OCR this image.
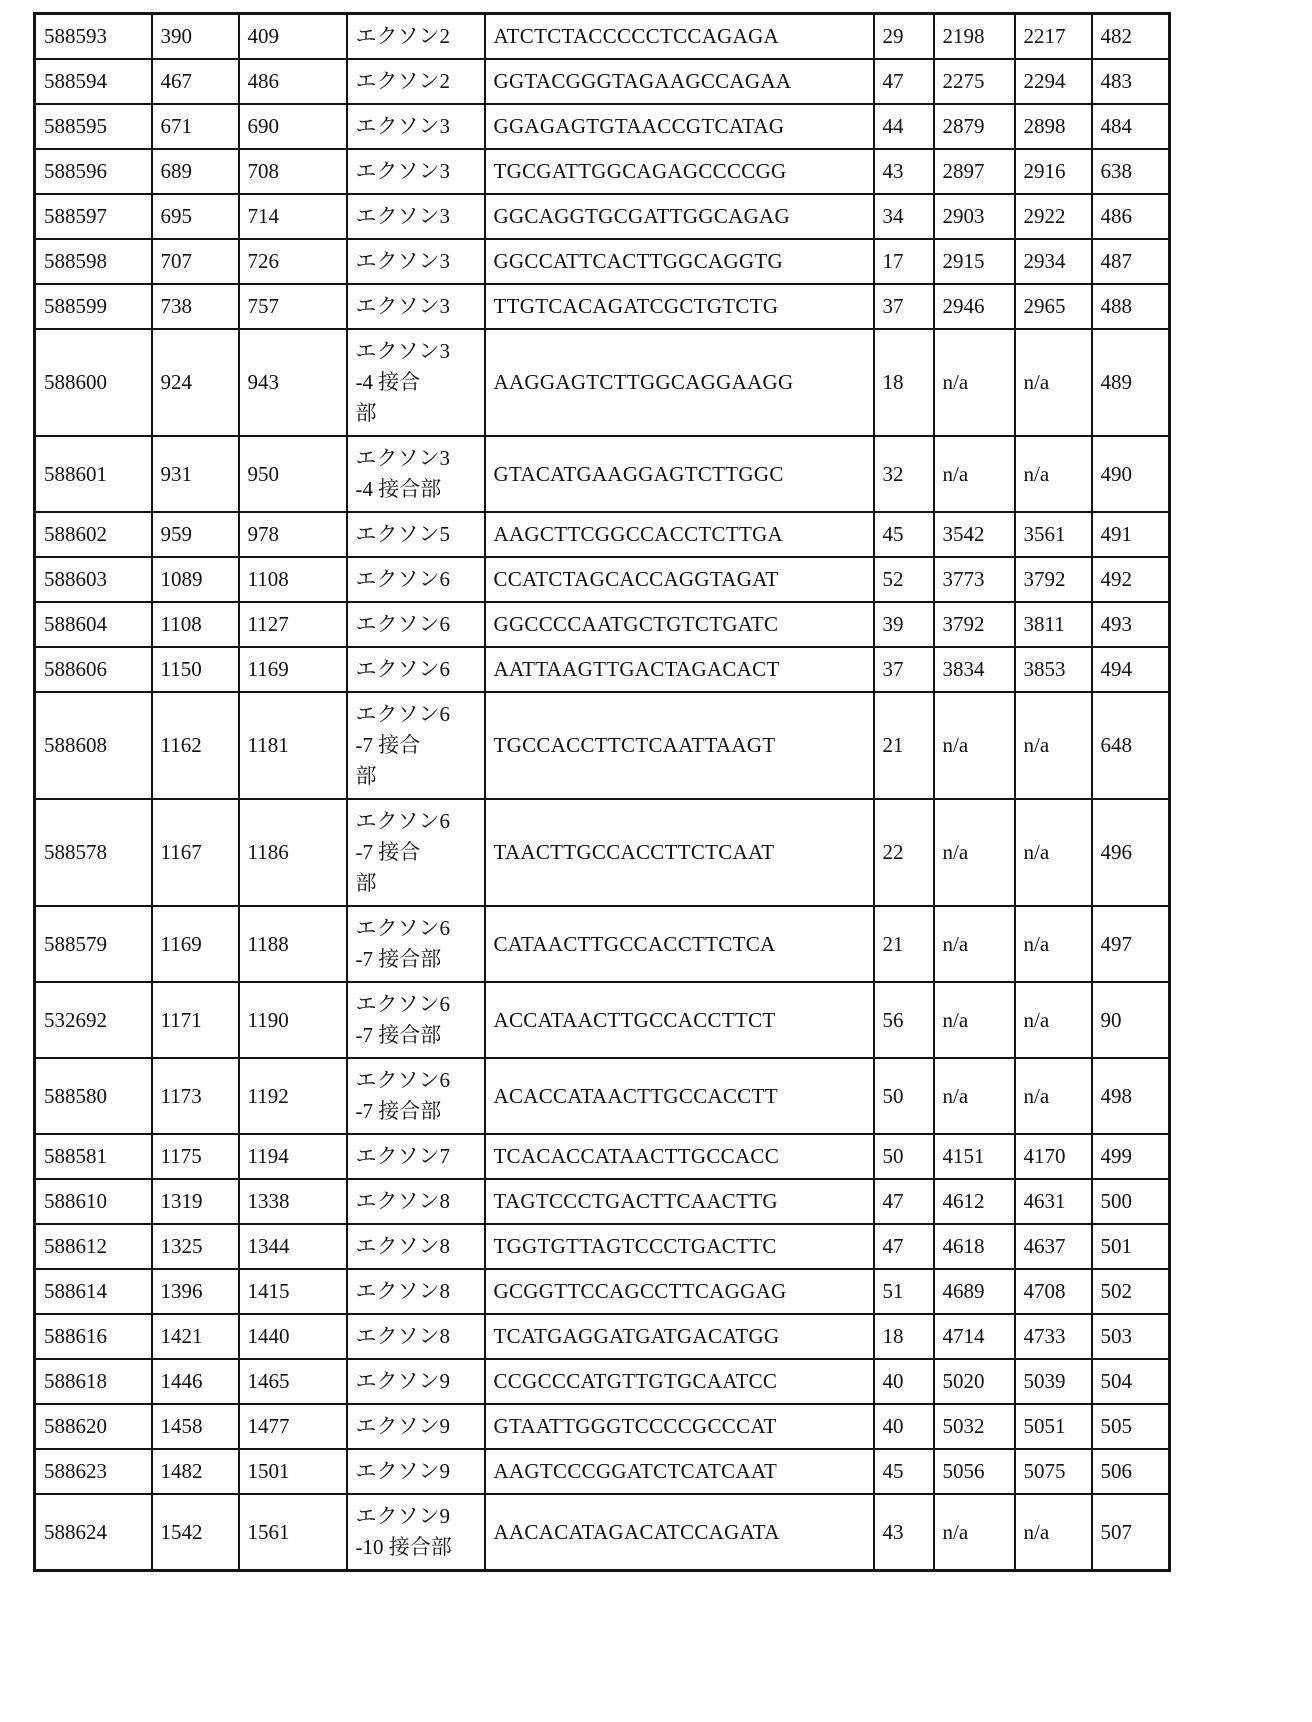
588593	390	409	エクソン2	ATCTCTACCCCCTCCAGAGA	29	2198	2217	482
588594	467	486	エクソン2	GGTACGGGTAGAAGCCAGAA	47	2275	2294	483
588595	671	690	エクソン3	GGAGAGTGTAACCGTCATAG	44	2879	2898	484
588596	689	708	エクソン3	TGCGATTGGCAGAGCCCCGG	43	2897	2916	638
588597	695	714	エクソン3	GGCAGGTGCGATTGGCAGAG	34	2903	2922	486
588598	707	726	エクソン3	GGCCATTCACTTGGCAGGTG	17	2915	2934	487
588599	738	757	エクソン3	TTGTCACAGATCGCTGTCTG	37	2946	2965	488
588600	924	943	エクソン3
-4 接合
部	AAGGAGTCTTGGCAGGAAGG	18	n/a	n/a	489
588601	931	950	エクソン3
-4 接合部	GTACATGAAGGAGTCTTGGC	32	n/a	n/a	490
588602	959	978	エクソン5	AAGCTTCGGCCACCTCTTGA	45	3542	3561	491
588603	1089	1108	エクソン6	CCATCTAGCACCAGGTAGAT	52	3773	3792	492
588604	1108	1127	エクソン6	GGCCCCAATGCTGTCTGATC	39	3792	3811	493
588606	1150	1169	エクソン6	AATTAAGTTGACTAGACACT	37	3834	3853	494
588608	1162	1181	エクソン6
-7 接合
部	TGCCACCTTCTCAATTAAGT	21	n/a	n/a	648
588578	1167	1186	エクソン6
-7 接合
部	TAACTTGCCACCTTCTCAAT	22	n/a	n/a	496
588579	1169	1188	エクソン6
-7 接合部	CATAACTTGCCACCTTCTCA	21	n/a	n/a	497
532692	1171	1190	エクソン6
-7 接合部	ACCATAACTTGCCACCTTCT	56	n/a	n/a	90
588580	1173	1192	エクソン6
-7 接合部	ACACCATAACTTGCCACCTT	50	n/a	n/a	498
588581	1175	1194	エクソン7	TCACACCATAACTTGCCACC	50	4151	4170	499
588610	1319	1338	エクソン8	TAGTCCCTGACTTCAACTTG	47	4612	4631	500
588612	1325	1344	エクソン8	TGGTGTTAGTCCCTGACTTC	47	4618	4637	501
588614	1396	1415	エクソン8	GCGGTTCCAGCCTTCAGGAG	51	4689	4708	502
588616	1421	1440	エクソン8	TCATGAGGATGATGACATGG	18	4714	4733	503
588618	1446	1465	エクソン9	CCGCCCATGTTGTGCAATCC	40	5020	5039	504
588620	1458	1477	エクソン9	GTAATTGGGTCCCCGCCCAT	40	5032	5051	505
588623	1482	1501	エクソン9	AAGTCCCGGATCTCATCAAT	45	5056	5075	506
588624	1542	1561	エクソン9
-10 接合部	AACACATAGACATCCAGATA	43	n/a	n/a	507
